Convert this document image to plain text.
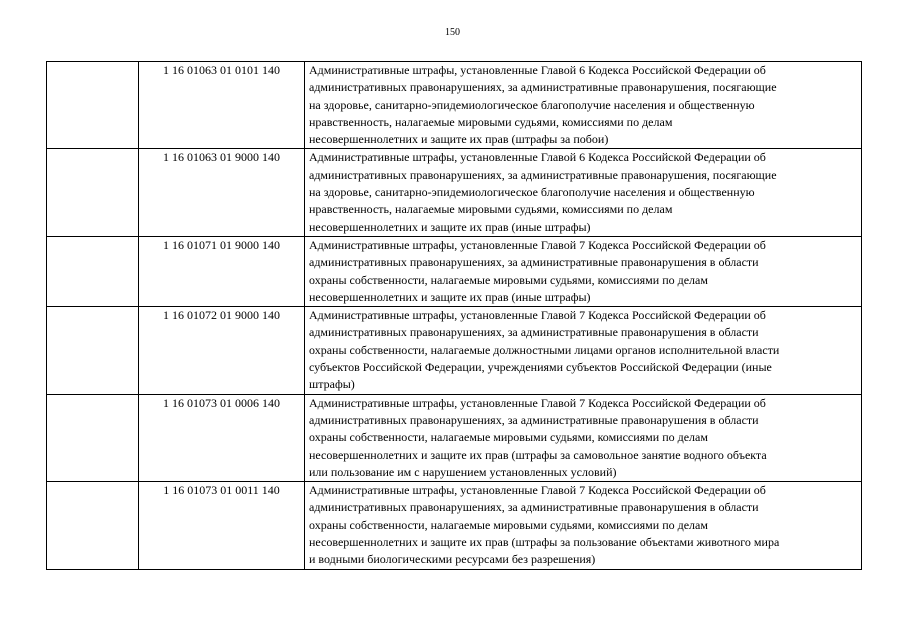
150
	1 16 01063 01 0101 140	Административные штрафы, установленные Главой 6 Кодекса Российской Федерации об
административных правонарушениях, за административные правонарушения, посягающие
на здоровье, санитарно-эпидемиологическое благополучие населения и общественную
нравственность, налагаемые мировыми судьями, комиссиями по делам
несовершеннолетних и защите их прав (штрафы за побои)

	1 16 01063 01 9000 140	Административные штрафы, установленные Главой 6 Кодекса Российской Федерации об
административных правонарушениях, за административные правонарушения, посягающие
на здоровье, санитарно-эпидемиологическое благополучие населения и общественную
нравственность, налагаемые мировыми судьями, комиссиями по делам
несовершеннолетних и защите их прав (иные штрафы)

	1 16 01071 01 9000 140	Административные штрафы, установленные Главой 7 Кодекса Российской Федерации об
административных правонарушениях, за административные правонарушения в области
охраны собственности, налагаемые мировыми судьями, комиссиями по делам
несовершеннолетних и защите их прав (иные штрафы)

	1 16 01072 01 9000 140	Административные штрафы, установленные Главой 7 Кодекса Российской Федерации об
административных правонарушениях, за административные правонарушения в области
охраны собственности, налагаемые должностными лицами органов исполнительной власти
субъектов Российской Федерации, учреждениями субъектов Российской Федерации (иные
штрафы)

	1 16 01073 01 0006 140	Административные штрафы, установленные Главой 7 Кодекса Российской Федерации об
административных правонарушениях, за административные правонарушения в области
охраны собственности, налагаемые мировыми судьями, комиссиями по делам
несовершеннолетних и защите их прав (штрафы за самовольное занятие водного объекта
или пользование им с нарушением установленных условий)

	1 16 01073 01 0011 140	Административные штрафы, установленные Главой 7 Кодекса Российской Федерации об
административных правонарушениях, за административные правонарушения в области
охраны собственности, налагаемые мировыми судьями, комиссиями по делам
несовершеннолетних и защите их прав (штрафы за пользование объектами животного мира
и водными биологическими ресурсами без разрешения)
